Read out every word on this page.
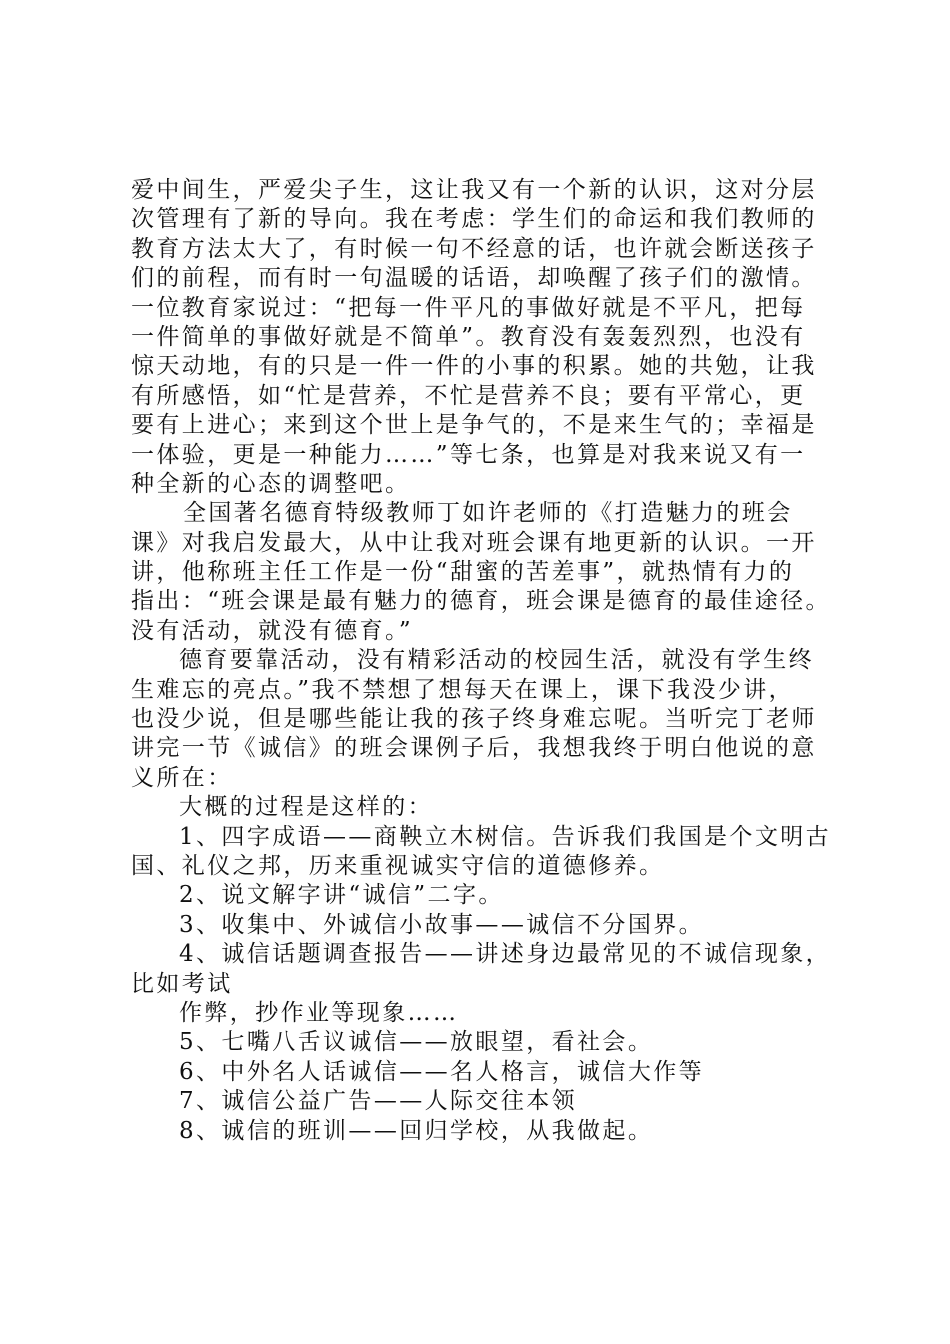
爱中间生，严爱尖子生，这让我又有一个新的认识，这对分层
次管理有了新的导向。我在考虑：学生们的命运和我们教师的
教育方法太大了，有时候一句不经意的话，也许就会断送孩子
们的前程，而有时一句温暖的话语，却唤醒了孩子们的激情。
一位教育家说过：“把每一件平凡的事做好就是不平凡，把每
一件简单的事做好就是不简单”。教育没有轰轰烈烈，也没有
惊天动地，有的只是一件一件的小事的积累。她的共勉，让我
有所感悟，如“忙是营养，不忙是营养不良；要有平常心，更
要有上进心；来到这个世上是争气的，不是来生气的；幸福是
一体验，更是一种能力……”等七条，也算是对我来说又有一
种全新的心态的调整吧。
全国著名德育特级教师丁如许老师的《打造魅力的班会
课》对我启发最大，从中让我对班会课有地更新的认识。一开
讲，他称班主任工作是一份“甜蜜的苦差事”，就热情有力的
指出：“班会课是最有魅力的德育，班会课是德育的最佳途径。
没有活动，就没有德育。”
德育要靠活动，没有精彩活动的校园生活，就没有学生终
生难忘的亮点。”我不禁想了想每天在课上，课下我没少讲，
也没少说，但是哪些能让我的孩子终身难忘呢。当听完丁老师
讲完一节《诚信》的班会课例子后，我想我终于明白他说的意
义所在：
大概的过程是这样的：
1、四字成语——商鞅立木树信。告诉我们我国是个文明古
国、礼仪之邦，历来重视诚实守信的道德修养。
2、说文解字讲“诚信”二字。
3、收集中、外诚信小故事——诚信不分国界。
4、诚信话题调查报告——讲述身边最常见的不诚信现象，
比如考试
作弊，抄作业等现象……
5、七嘴八舌议诚信——放眼望，看社会。
6、中外名人话诚信——名人格言，诚信大作等
7、诚信公益广告——人际交往本领
8、诚信的班训——回归学校，从我做起。
